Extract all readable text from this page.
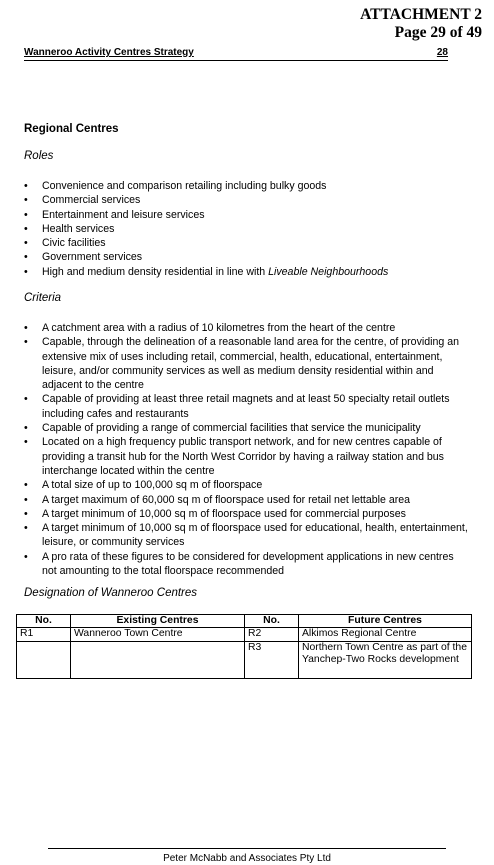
ATTACHMENT 2
Page 29 of 49
Wanneroo Activity Centres Strategy	28
Regional Centres
Roles
• Convenience and comparison retailing including bulky goods
• Commercial services
• Entertainment and leisure services
• Health services
• Civic facilities
• Government services
• High and medium density residential in line with Liveable Neighbourhoods
Criteria
• A catchment area with a radius of 10 kilometres from the heart of the centre
• Capable, through the delineation of a reasonable land area for the centre, of providing an extensive mix of uses including retail, commercial, health, educational, entertainment, leisure, and/or community services as well as medium density residential within and adjacent to the centre
• Capable of providing at least three retail magnets and at least 50 specialty retail outlets including cafes and restaurants
• Capable of providing a range of commercial facilities that service the municipality
• Located on a high frequency public transport network, and for new centres capable of providing a transit hub for the North West Corridor by having a railway station and bus interchange located within the centre
• A total size of up to 100,000 sq m of floorspace
• A target maximum of 60,000 sq m of floorspace used for retail net lettable area
• A target minimum of 10,000 sq m of floorspace used for commercial purposes
• A target minimum of 10,000 sq m of floorspace used for educational, health, entertainment, leisure, or community services
• A pro rata of these figures to be considered for development applications in new centres not amounting to the total floorspace recommended
Designation of Wanneroo Centres
No.	Existing Centres	No.	Future Centres
R1	Wanneroo Town Centre	R2	Alkimos Regional Centre
		R3	Northern Town Centre as part of the Yanchep-Two Rocks development
Peter McNabb and Associates Pty Ltd
